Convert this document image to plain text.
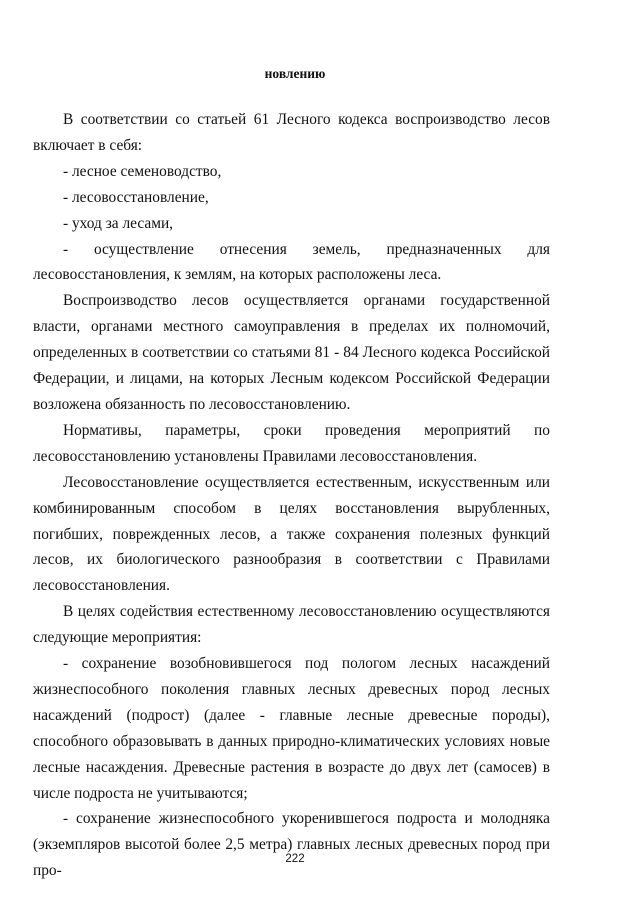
новлению

В соответствии со статьей 61 Лесного кодекса воспроизводство лесов включает в себя:

- лесное семеноводство,

- лесовосстановление,

- уход за лесами,

- осуществление отнесения земель, предназначенных для лесовосстановления, к землям, на которых расположены леса.

Воспроизводство лесов осуществляется органами государственной власти, органами местного самоуправления в пределах их полномочий, определенных в соответствии со статьями 81 - 84 Лесного кодекса Российской Федерации, и лицами, на которых Лесным кодексом Российской Федерации возложена обязанность по лесовосстановлению.

Нормативы, параметры, сроки проведения мероприятий по лесовосстановлению установлены Правилами лесовосстановления.

Лесовосстановление осуществляется естественным, искусственным или комбинированным способом в целях восстановления вырубленных, погибших, поврежденных лесов, а также сохранения полезных функций лесов, их биологического разнообразия в соответствии с Правилами лесовосстановления.

В целях содействия естественному лесовосстановлению осуществляются следующие мероприятия:

- сохранение возобновившегося под пологом лесных насаждений жизнеспособного поколения главных лесных древесных пород лесных насаждений (подрост) (далее - главные лесные древесные породы), способного образовывать в данных природно-климатических условиях новые лесные насаждения. Древесные растения в возрасте до двух лет (самосев) в числе подроста не учитываются;

- сохранение жизнеспособного укоренившегося подроста и молодняка (экземпляров высотой более 2,5 метра) главных лесных древесных пород при про-

222
